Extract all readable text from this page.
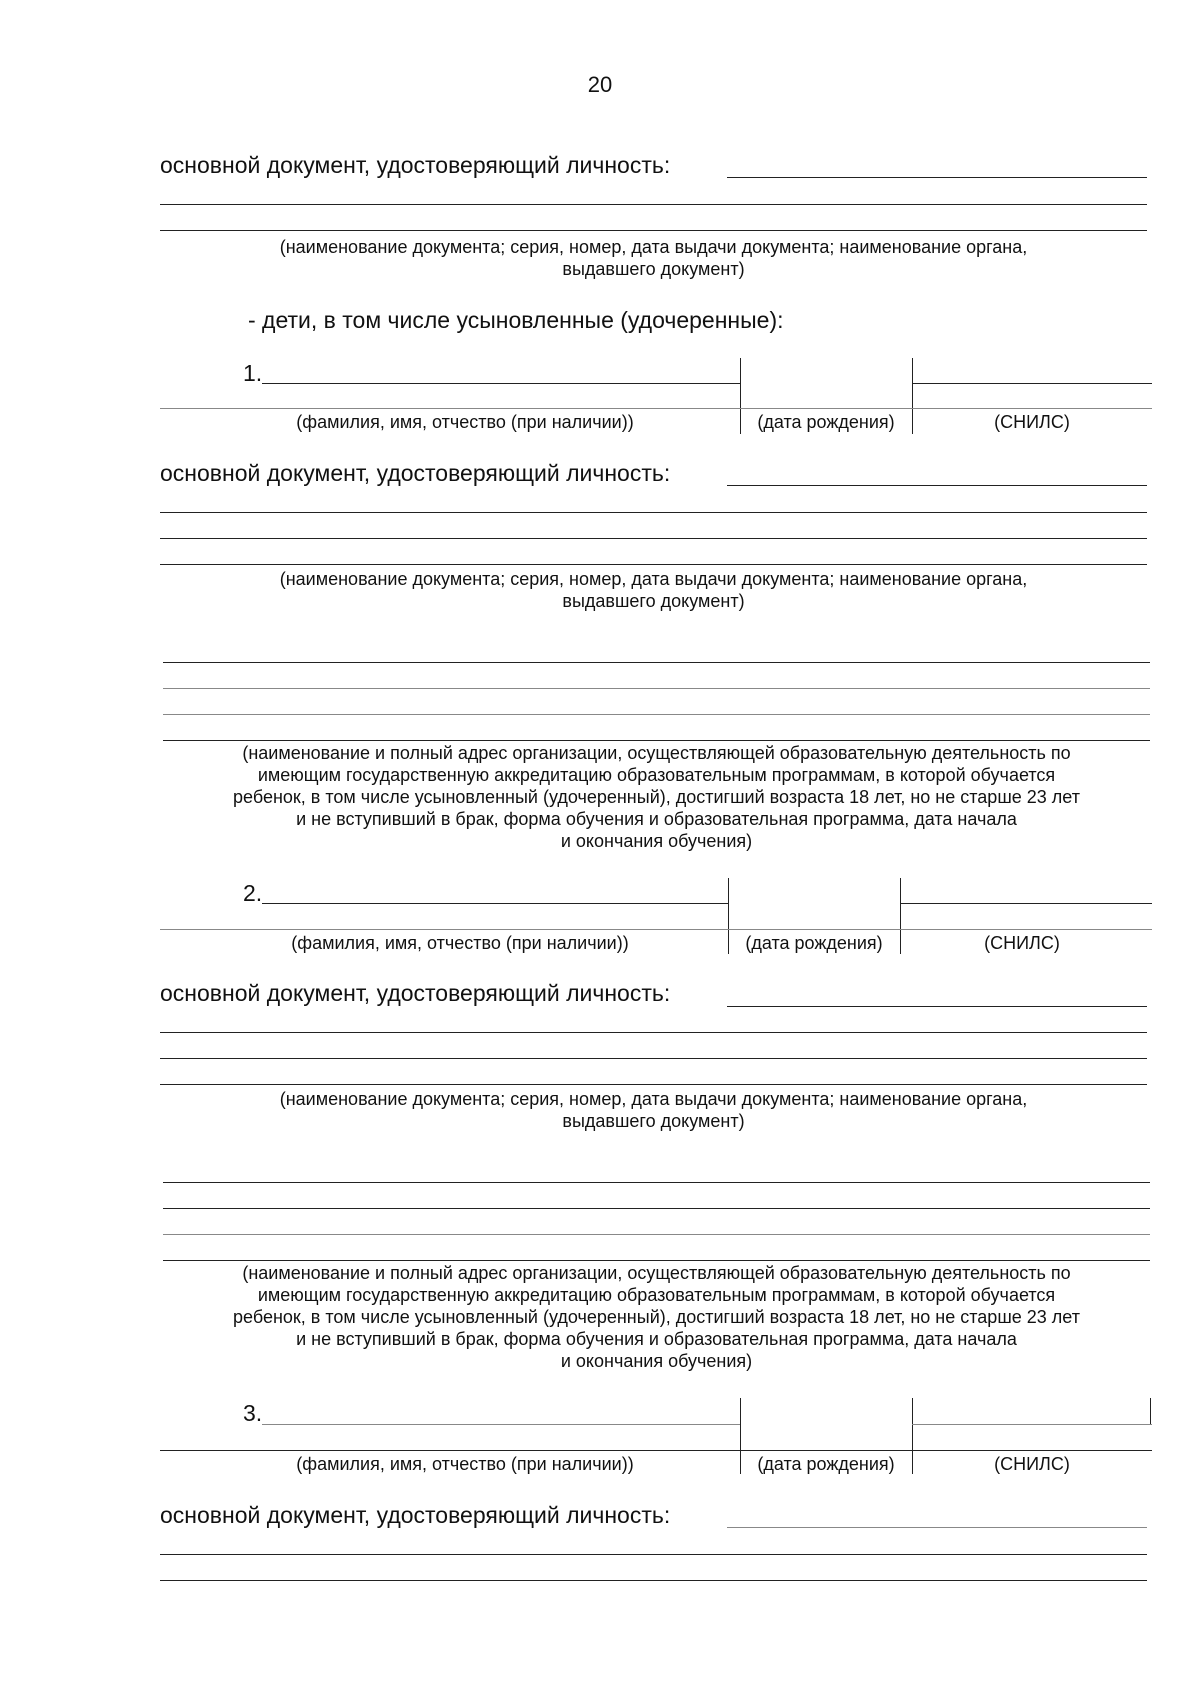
20
основной документ, удостоверяющий личность:
(наименование документа; серия, номер, дата выдачи документа; наименование органа,
выдавшего документ)
- дети, в том числе усыновленные (удочеренные):
1.
(фамилия, имя, отчество (при наличии))	(дата рождения)	(СНИЛС)
основной документ, удостоверяющий личность:
(наименование документа; серия, номер, дата выдачи документа; наименование органа,
выдавшего документ)
(наименование и полный адрес организации, осуществляющей образовательную деятельность по
имеющим государственную аккредитацию образовательным программам, в которой обучается
ребенок, в том числе усыновленный (удочеренный), достигший возраста 18 лет, но не старше 23 лет
и не вступивший в брак, форма обучения и образовательная программа, дата начала
и окончания обучения)
2.
(фамилия, имя, отчество (при наличии))	(дата рождения)	(СНИЛС)
основной документ, удостоверяющий личность:
(наименование документа; серия, номер, дата выдачи документа; наименование органа,
выдавшего документ)
(наименование и полный адрес организации, осуществляющей образовательную деятельность по
имеющим государственную аккредитацию образовательным программам, в которой обучается
ребенок, в том числе усыновленный (удочеренный), достигший возраста 18 лет, но не старше 23 лет
и не вступивший в брак, форма обучения и образовательная программа, дата начала
и окончания обучения)
3.
(фамилия, имя, отчество (при наличии))	(дата рождения)	(СНИЛС)
основной документ, удостоверяющий личность:
